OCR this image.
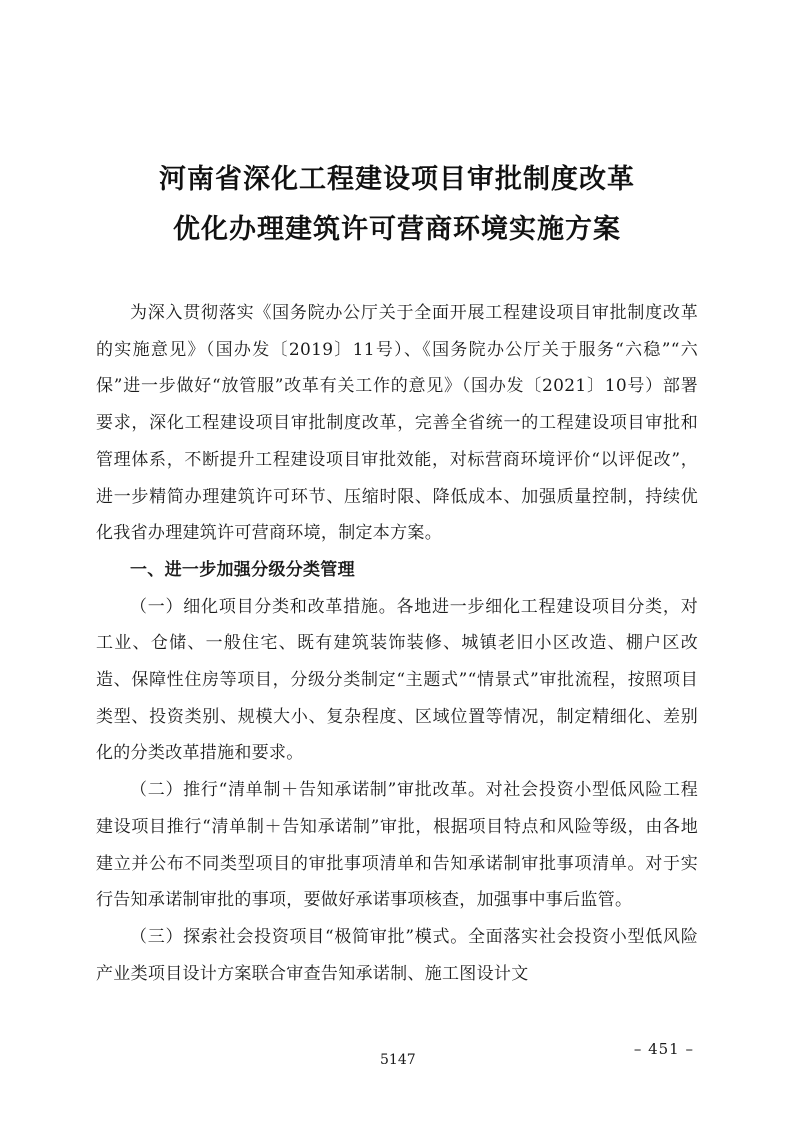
河南省深化工程建设项目审批制度改革
优化办理建筑许可营商环境实施方案

为深入贯彻落实《国务院办公厅关于全面开展工程建设项目审批制度改革的实施意见》（国办发〔2019〕11号）、《国务院办公厅关于服务“六稳”“六保”进一步做好“放管服”改革有关工作的意见》（国办发〔2021〕10号）部署要求，深化工程建设项目审批制度改革，完善全省统一的工程建设项目审批和管理体系，不断提升工程建设项目审批效能，对标营商环境评价“以评促改”，进一步精简办理建筑许可环节、压缩时限、降低成本、加强质量控制，持续优化我省办理建筑许可营商环境，制定本方案。

一、进一步加强分级分类管理

（一）细化项目分类和改革措施。各地进一步细化工程建设项目分类，对工业、仓储、一般住宅、既有建筑装饰装修、城镇老旧小区改造、棚户区改造、保障性住房等项目，分级分类制定“主题式”“情景式”审批流程，按照项目类型、投资类别、规模大小、复杂程度、区域位置等情况，制定精细化、差别化的分类改革措施和要求。

（二）推行“清单制＋告知承诺制”审批改革。对社会投资小型低风险工程建设项目推行“清单制＋告知承诺制”审批，根据项目特点和风险等级，由各地建立并公布不同类型项目的审批事项清单和告知承诺制审批事项清单。对于实行告知承诺制审批的事项，要做好承诺事项核查，加强事中事后监管。

（三）探索社会投资项目“极简审批”模式。全面落实社会投资小型低风险产业类项目设计方案联合审查告知承诺制、施工图设计文

– 451 –
5147
